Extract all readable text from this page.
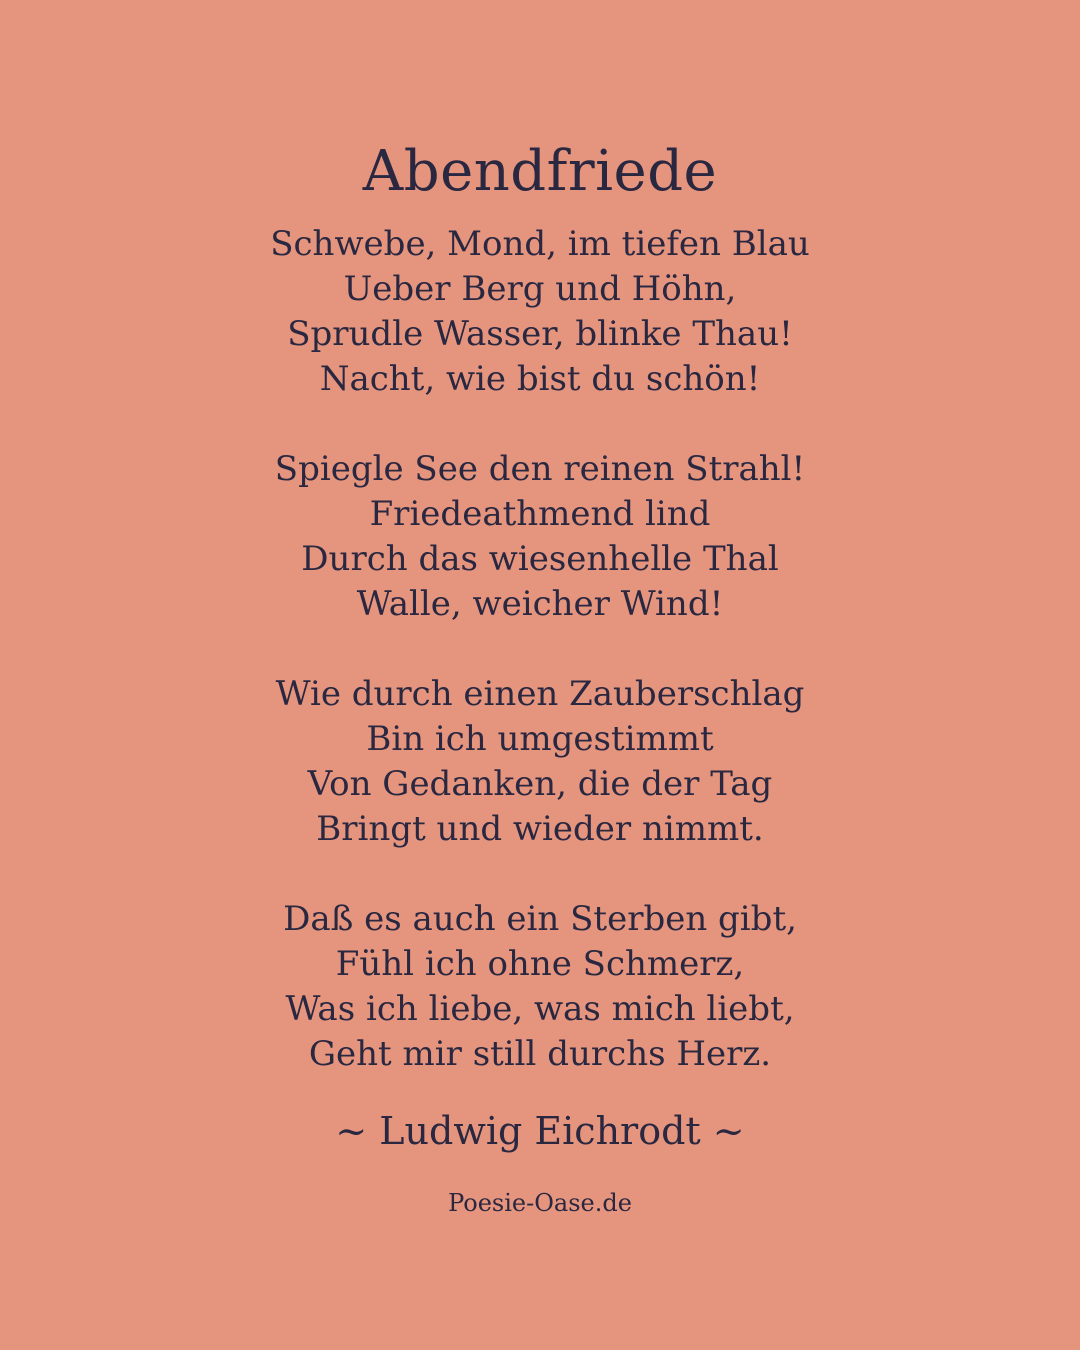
Abendfriede
Schwebe, Mond, im tiefen Blau
Ueber Berg und Höhn,
Sprudle Wasser, blinke Thau!
Nacht, wie bist du schön!
Spiegle See den reinen Strahl!
Friedeathmend lind
Durch das wiesenhelle Thal
Walle, weicher Wind!
Wie durch einen Zauberschlag
Bin ich umgestimmt
Von Gedanken, die der Tag
Bringt und wieder nimmt.
Daß es auch ein Sterben gibt,
Fühl ich ohne Schmerz,
Was ich liebe, was mich liebt,
Geht mir still durchs Herz.

~ Ludwig Eichrodt ~

Poesie-Oase.de
